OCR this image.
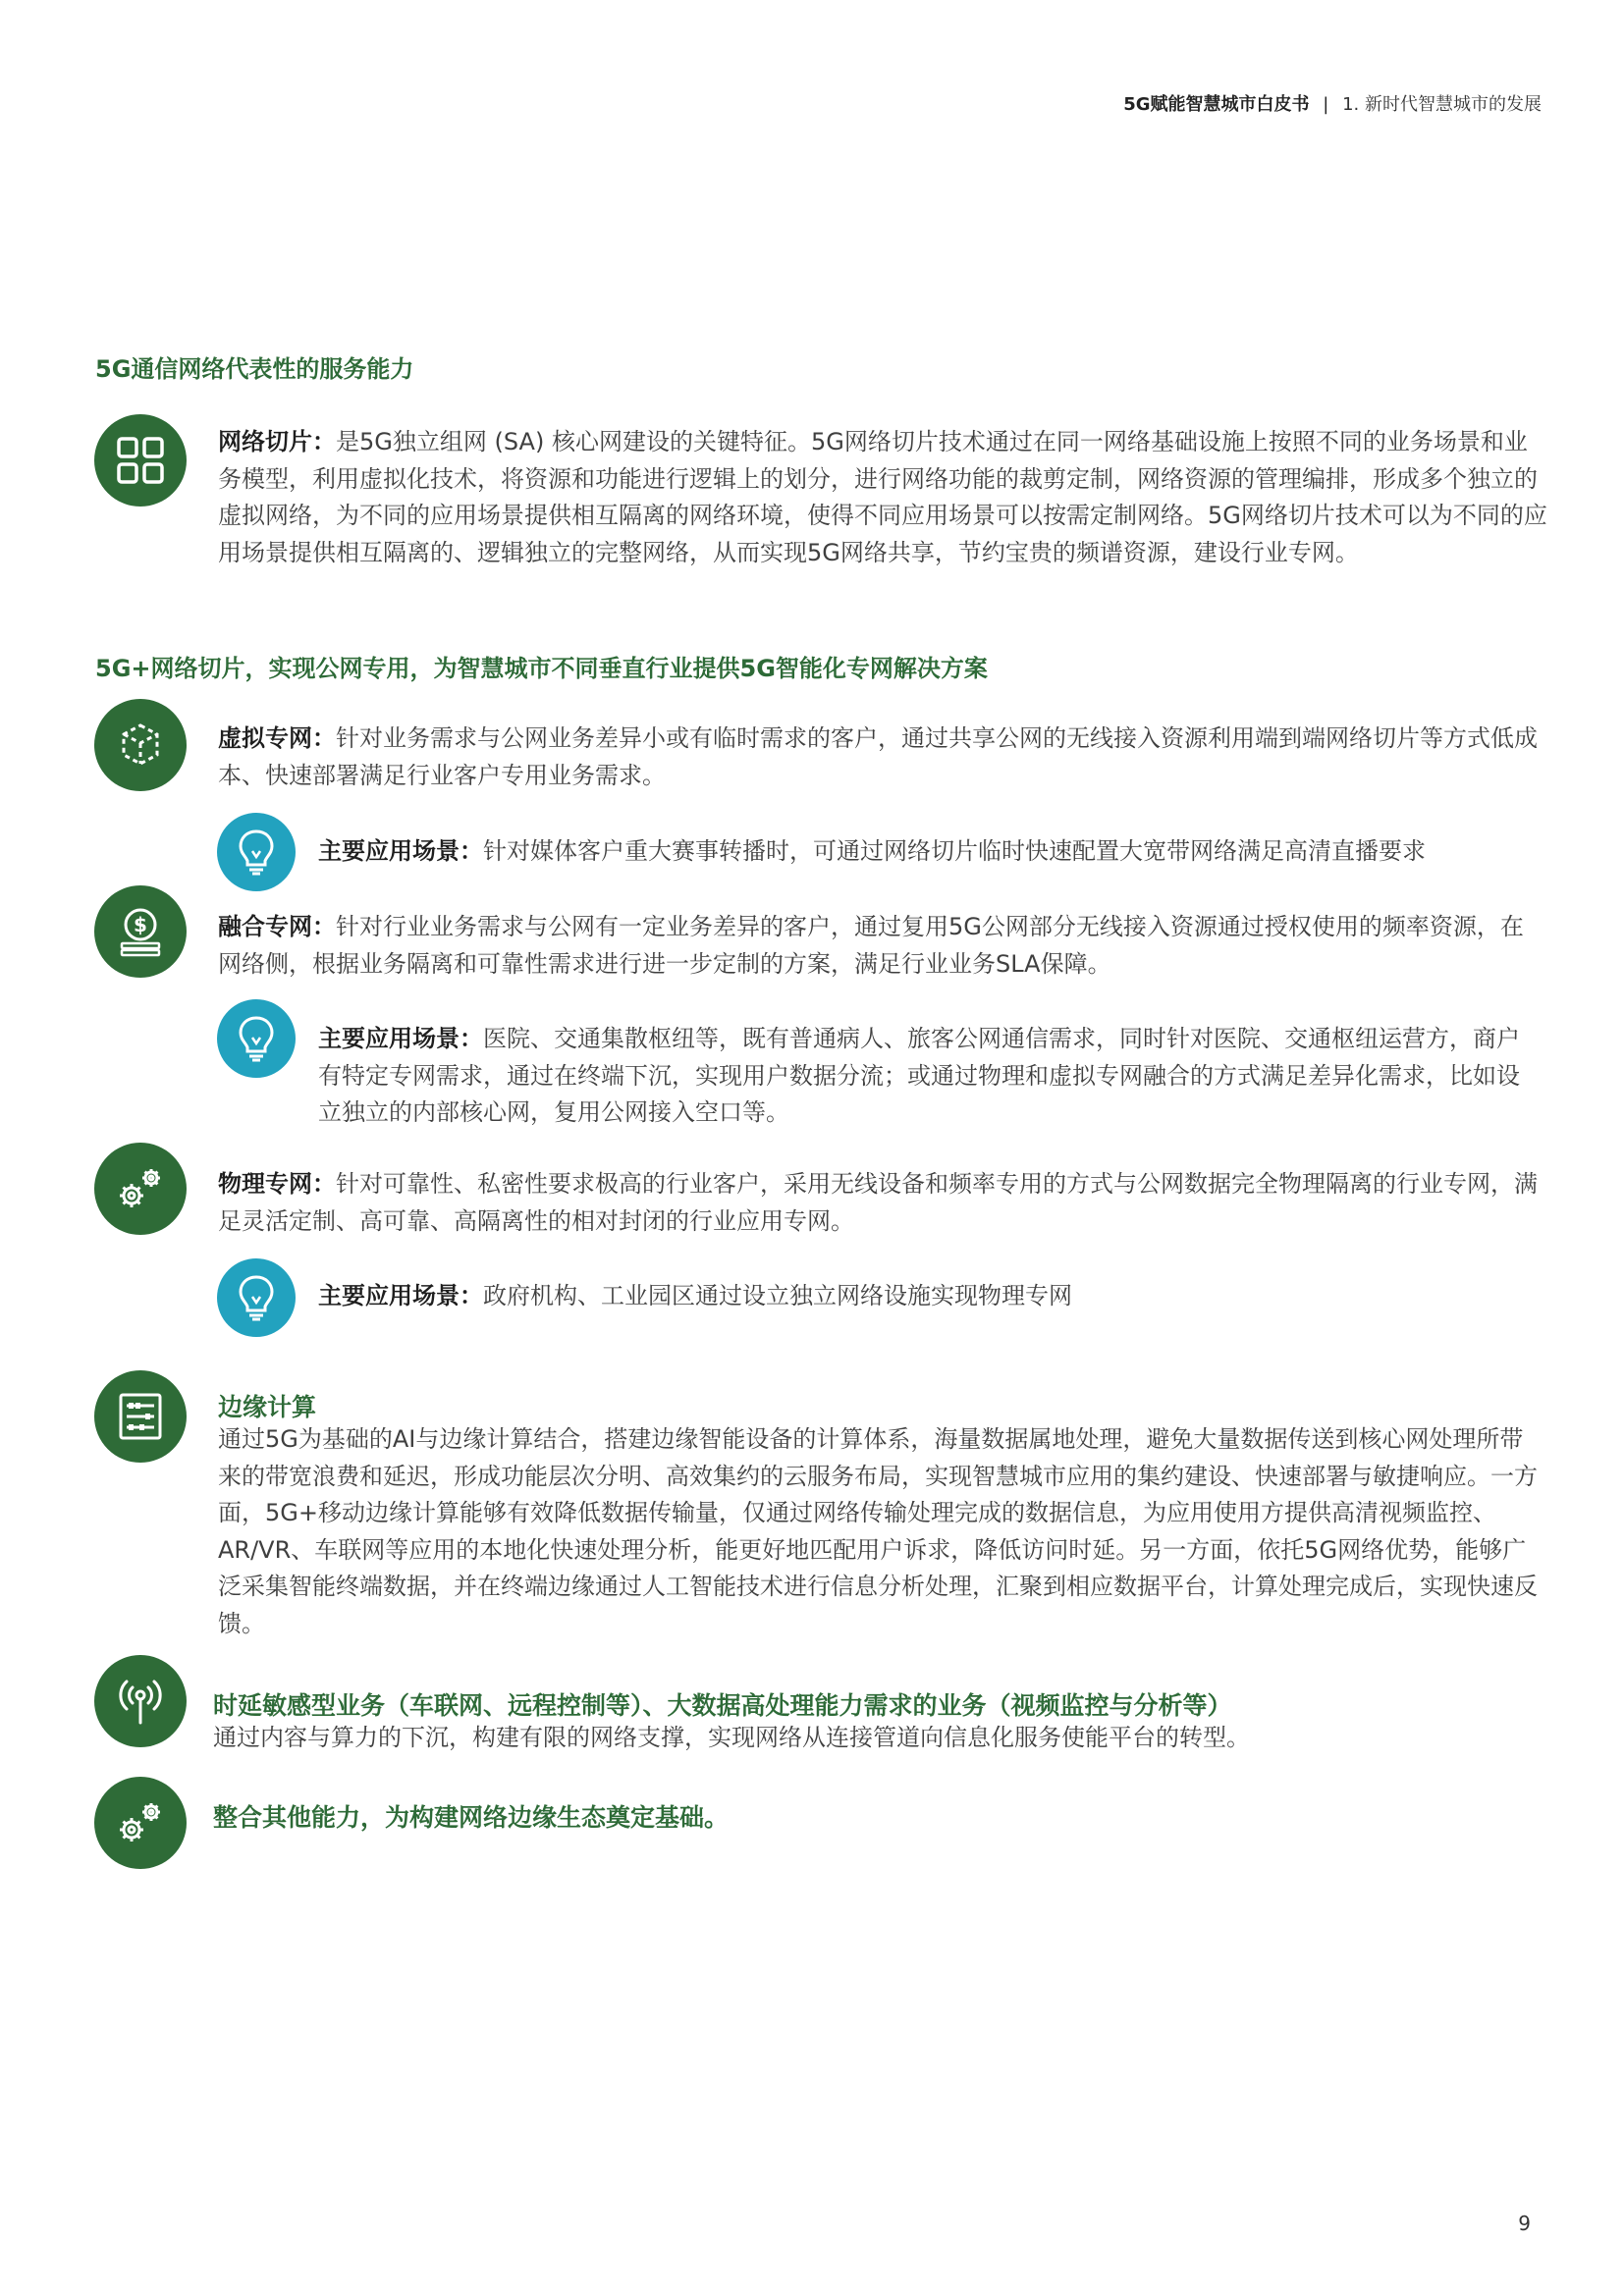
5G赋能智慧城市白皮书 | 1. 新时代智慧城市的发展
5G通信网络代表性的服务能力
网络切片：是5G独立组网 (SA) 核心网建设的关键特征。5G网络切片技术通过在同一网络基础设施上按照不同的业务场景和业务模型，利用虚拟化技术，将资源和功能进行逻辑上的划分，进行网络功能的裁剪定制，网络资源的管理编排，形成多个独立的虚拟网络，为不同的应用场景提供相互隔离的网络环境，使得不同应用场景可以按需定制网络。5G网络切片技术可以为不同的应用场景提供相互隔离的、逻辑独立的完整网络，从而实现5G网络共享，节约宝贵的频谱资源，建设行业专网。
5G+网络切片，实现公网专用，为智慧城市不同垂直行业提供5G智能化专网解决方案
虚拟专网：针对业务需求与公网业务差异小或有临时需求的客户，通过共享公网的无线接入资源利用端到端网络切片等方式低成本、快速部署满足行业客户专用业务需求。
主要应用场景：针对媒体客户重大赛事转播时，可通过网络切片临时快速配置大宽带网络满足高清直播要求
$	融合专网：针对行业业务需求与公网有一定业务差异的客户，通过复用5G公网部分无线接入资源通过授权使用的频率资源，在网络侧，根据业务隔离和可靠性需求进行进一步定制的方案，满足行业业务SLA保障。
主要应用场景：医院、交通集散枢纽等，既有普通病人、旅客公网通信需求，同时针对医院、交通枢纽运营方，商户有特定专网需求，通过在终端下沉，实现用户数据分流；或通过物理和虚拟专网融合的方式满足差异化需求，比如设立独立的内部核心网，复用公网接入空口等。
物理专网：针对可靠性、私密性要求极高的行业客户，采用无线设备和频率专用的方式与公网数据完全物理隔离的行业专网，满足灵活定制、高可靠、高隔离性的相对封闭的行业应用专网。
主要应用场景：政府机构、工业园区通过设立独立网络设施实现物理专网
边缘计算
通过5G为基础的AI与边缘计算结合，搭建边缘智能设备的计算体系，海量数据属地处理，避免大量数据传送到核心网处理所带来的带宽浪费和延迟，形成功能层次分明、高效集约的云服务布局，实现智慧城市应用的集约建设、快速部署与敏捷响应。一方面，5G+移动边缘计算能够有效降低数据传输量，仅通过网络传输处理完成的数据信息，为应用使用方提供高清视频监控、AR/VR、车联网等应用的本地化快速处理分析，能更好地匹配用户诉求，降低访问时延。另一方面，依托5G网络优势，能够广泛采集智能终端数据，并在终端边缘通过人工智能技术进行信息分析处理，汇聚到相应数据平台，计算处理完成后，实现快速反馈。
时延敏感型业务（车联网、远程控制等）、大数据高处理能力需求的业务（视频监控与分析等）
通过内容与算力的下沉，构建有限的网络支撑，实现网络从连接管道向信息化服务使能平台的转型。
整合其他能力，为构建网络边缘生态奠定基础。
9
